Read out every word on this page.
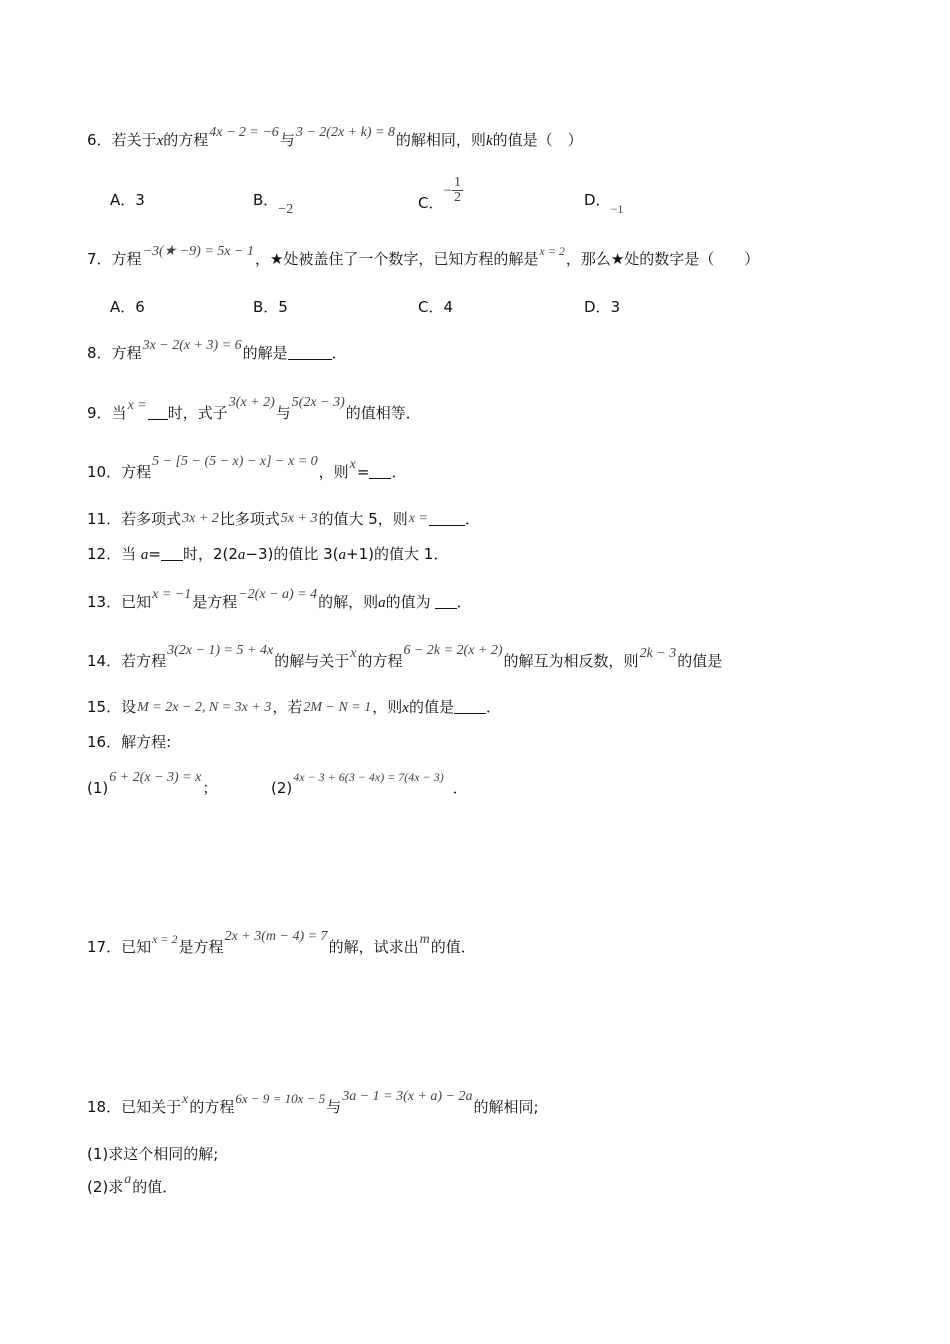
6．若关于x的方程4x − 2 = −6与3 − 2(2x + k) = 8的解相同，则k的值是（　）
A．3	B．−2	C．
− $\frac{1}{2}$	D．$_{-1}$
7．方程−3(★ −9) = 5x − 1，★处被盖住了一个数字，已知方程的解是$^{x = 2}$，那么★处的数字是（　　）
A．6	B．5	C．4	D．3
8．方程3x − 2(x + 3) = 6的解是	．
9．当x = 时，式子3(x + 2)与5(2x − 3)的值相等．
10．方程5 − [5 − (5 − x) − x] − x = 0，则x= ．
11．若多项式3x + 2比多项式5x + 3的值大 5，则x = ．
12．当 a= 时，2(2a−3)的值比 3(a+1)的值大 1．
13．已知x = −1是方程−2(x − a) = 4的解，则a的值为 ．
14．若方程3(2x − 1) = 5 + 4x的解与关于x的方程6 − 2k = 2(x + 2)的解互为相反数，则2k − 3的值是
15．设M = 2x − 2, N = 3x + 3，若2M − N = 1，则x的值是 ．
16．解方程:
(1)6 + 2(x − 3) = x；	$(2)^{4x - 3 + 6(3 - 4x) = 7(4x - 3)}$．
17．已知$^{x = 2}$是方程2x + 3(m − 4) = 7的解，试求出m的值．
18．已知关于x的方程6x − 9 = 10x − 5与3a − 1 = 3(x + a) − 2a的解相同;
(1)求这个相同的解;
(2)求a的值．
